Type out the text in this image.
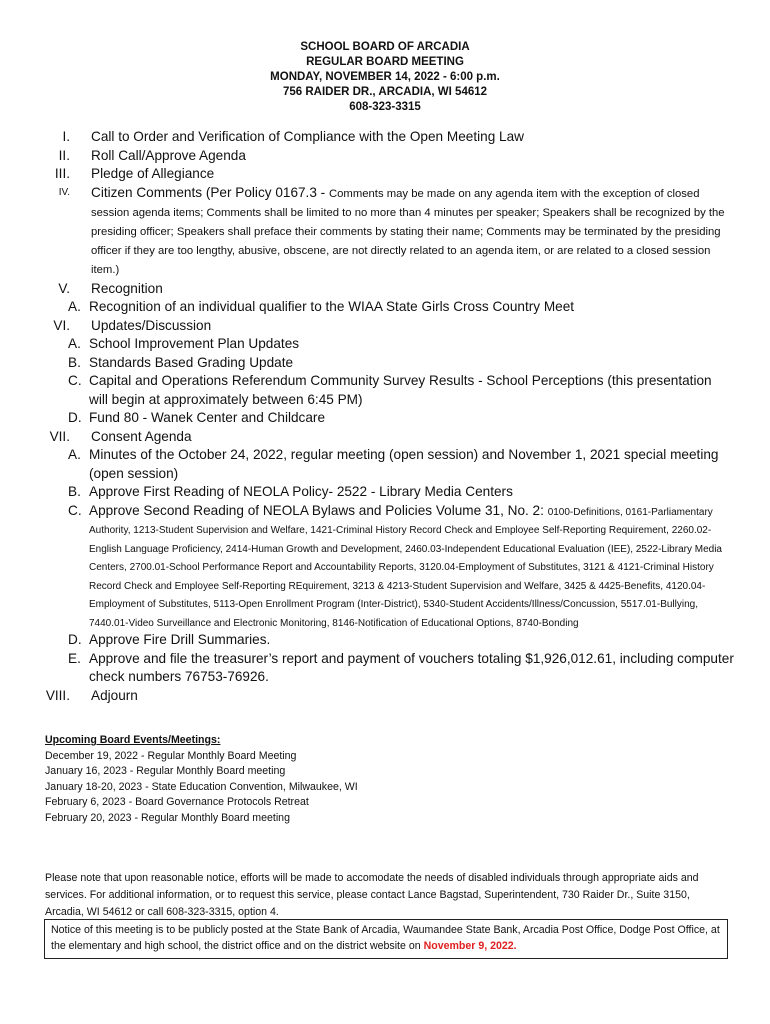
SCHOOL BOARD OF ARCADIA
REGULAR BOARD MEETING
MONDAY, NOVEMBER 14, 2022 - 6:00 p.m.
756 RAIDER DR., ARCADIA, WI 54612
608-323-3315
I. Call to Order and Verification of Compliance with the Open Meeting Law
II. Roll Call/Approve Agenda
III. Pledge of Allegiance
IV. Citizen Comments (Per Policy 0167.3 - Comments may be made on any agenda item with the exception of closed session agenda items; Comments shall be limited to no more than 4 minutes per speaker; Speakers shall be recognized by the presiding officer; Speakers shall preface their comments by stating their name; Comments may be terminated by the presiding officer if they are too lengthy, abusive, obscene, are not directly related to an agenda item, or are related to a closed session item.)
V. Recognition
A. Recognition of an individual qualifier to the WIAA State Girls Cross Country Meet
VI. Updates/Discussion
A. School Improvement Plan Updates
B. Standards Based Grading Update
C. Capital and Operations Referendum Community Survey Results - School Perceptions (this presentation will begin at approximately between 6:45 PM)
D. Fund 80 - Wanek Center and Childcare
VII. Consent Agenda
A. Minutes of the October 24, 2022, regular meeting (open session) and November 1, 2021 special meeting (open session)
B. Approve First Reading of NEOLA Policy- 2522 - Library Media Centers
C. Approve Second Reading of NEOLA Bylaws and Policies Volume 31, No. 2: 0100-Definitions, 0161-Parliamentary Authority, 1213-Student Supervision and Welfare, 1421-Criminal History Record Check and Employee Self-Reporting Requirement, 2260.02-English Language Proficiency, 2414-Human Growth and Development, 2460.03-Independent Educational Evaluation (IEE), 2522-Library Media Centers, 2700.01-School Performance Report and Accountability Reports, 3120.04-Employment of Substitutes, 3121 & 4121-Criminal History Record Check and Employee Self-Reporting REquirement, 3213 & 4213-Student Supervision and Welfare, 3425 & 4425-Benefits, 4120.04-Employment of Substitutes, 5113-Open Enrollment Program (Inter-District), 5340-Student Accidents/Illness/Concussion, 5517.01-Bullying, 7440.01-Video Surveillance and Electronic Monitoring, 8146-Notification of Educational Options, 8740-Bonding
D. Approve Fire Drill Summaries.
E. Approve and file the treasurer’s report and payment of vouchers totaling $1,926,012.61, including computer check numbers 76753-76926.
VIII. Adjourn
Upcoming Board Events/Meetings:
December 19, 2022 - Regular Monthly Board Meeting
January 16, 2023 - Regular Monthly Board meeting
January 18-20, 2023 - State Education Convention, Milwaukee, WI
February 6, 2023 - Board Governance Protocols Retreat
February 20, 2023 - Regular Monthly Board meeting
Please note that upon reasonable notice, efforts will be made to accomodate the needs of disabled individuals through appropriate aids and services. For additional information, or to request this service, please contact Lance Bagstad, Superintendent, 730 Raider Dr., Suite 3150, Arcadia, WI 54612 or call 608-323-3315, option 4.
Notice of this meeting is to be publicly posted at the State Bank of Arcadia, Waumandee State Bank, Arcadia Post Office, Dodge Post Office, at the elementary and high school, the district office and on the district website on November 9, 2022.
